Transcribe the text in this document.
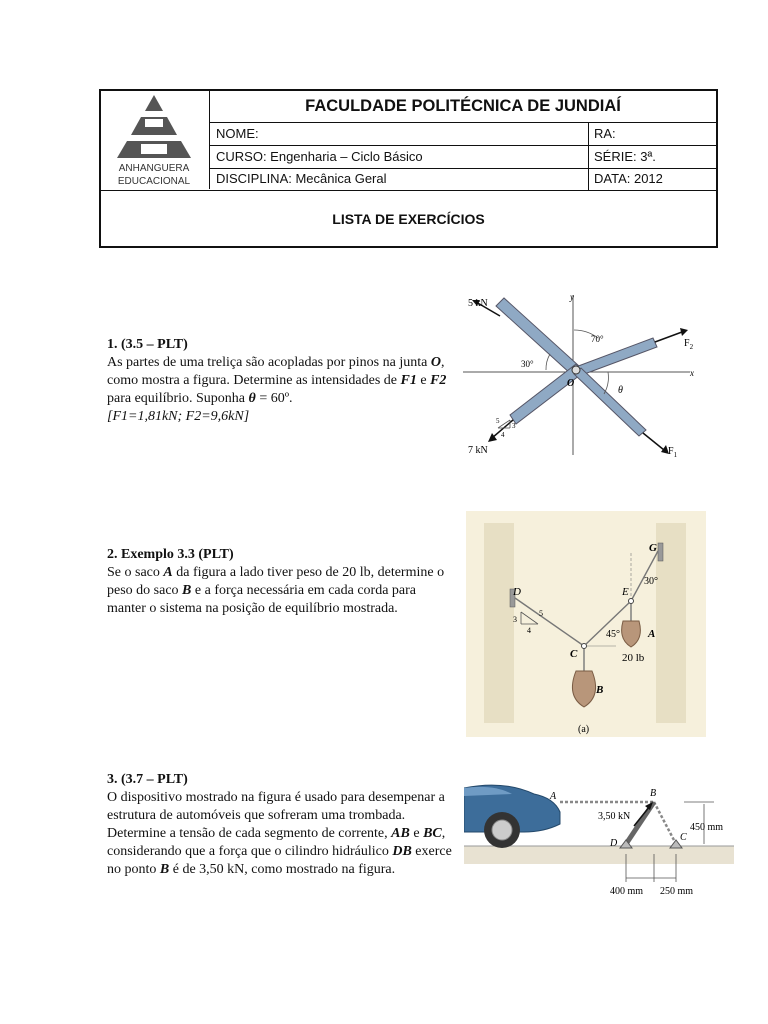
ANHANGUERA
EDUCACIONAL
FACULDADE POLITÉCNICA DE JUNDIAÍ
NOME:	RA:
CURSO: Engenharia – Ciclo Básico	SÉRIE: 3ª.
DISCIPLINA: Mecânica Geral	DATA: 2012
LISTA DE EXERCÍCIOS
1. (3.5 – PLT)
As partes de uma treliça são acopladas por pinos na junta O, como mostra a figura. Determine as intensidades de F1 e F2 para equilíbrio. Suponha θ = 60º.
[F1=1,81kN; F2=9,6kN]
5 kN
7 kN
$F_2$
$F_1$
70°
30°
θ
O
x
y
5
3
4
2. Exemplo 3.3 (PLT)
Se o saco A da figura a lado tiver peso de 20 lb, determine o peso do saco B e a força necessária em cada corda para manter o sistema na posição de equilíbrio mostrada.
G
E
D
C
A
B
30°
45°
20 lb
5
3
4
(a)
3. (3.7 – PLT)
O dispositivo mostrado na figura é usado para desempenar a estrutura de automóveis que sofreram uma trombada. Determine a tensão de cada segmento de corrente, AB e BC, considerando que a força que o cilindro hidráulico DB exerce no ponto B é de 3,50 kN, como mostrado na figura.
A	B
C
D
3,50 kN
450 mm
400 mm 250 mm
